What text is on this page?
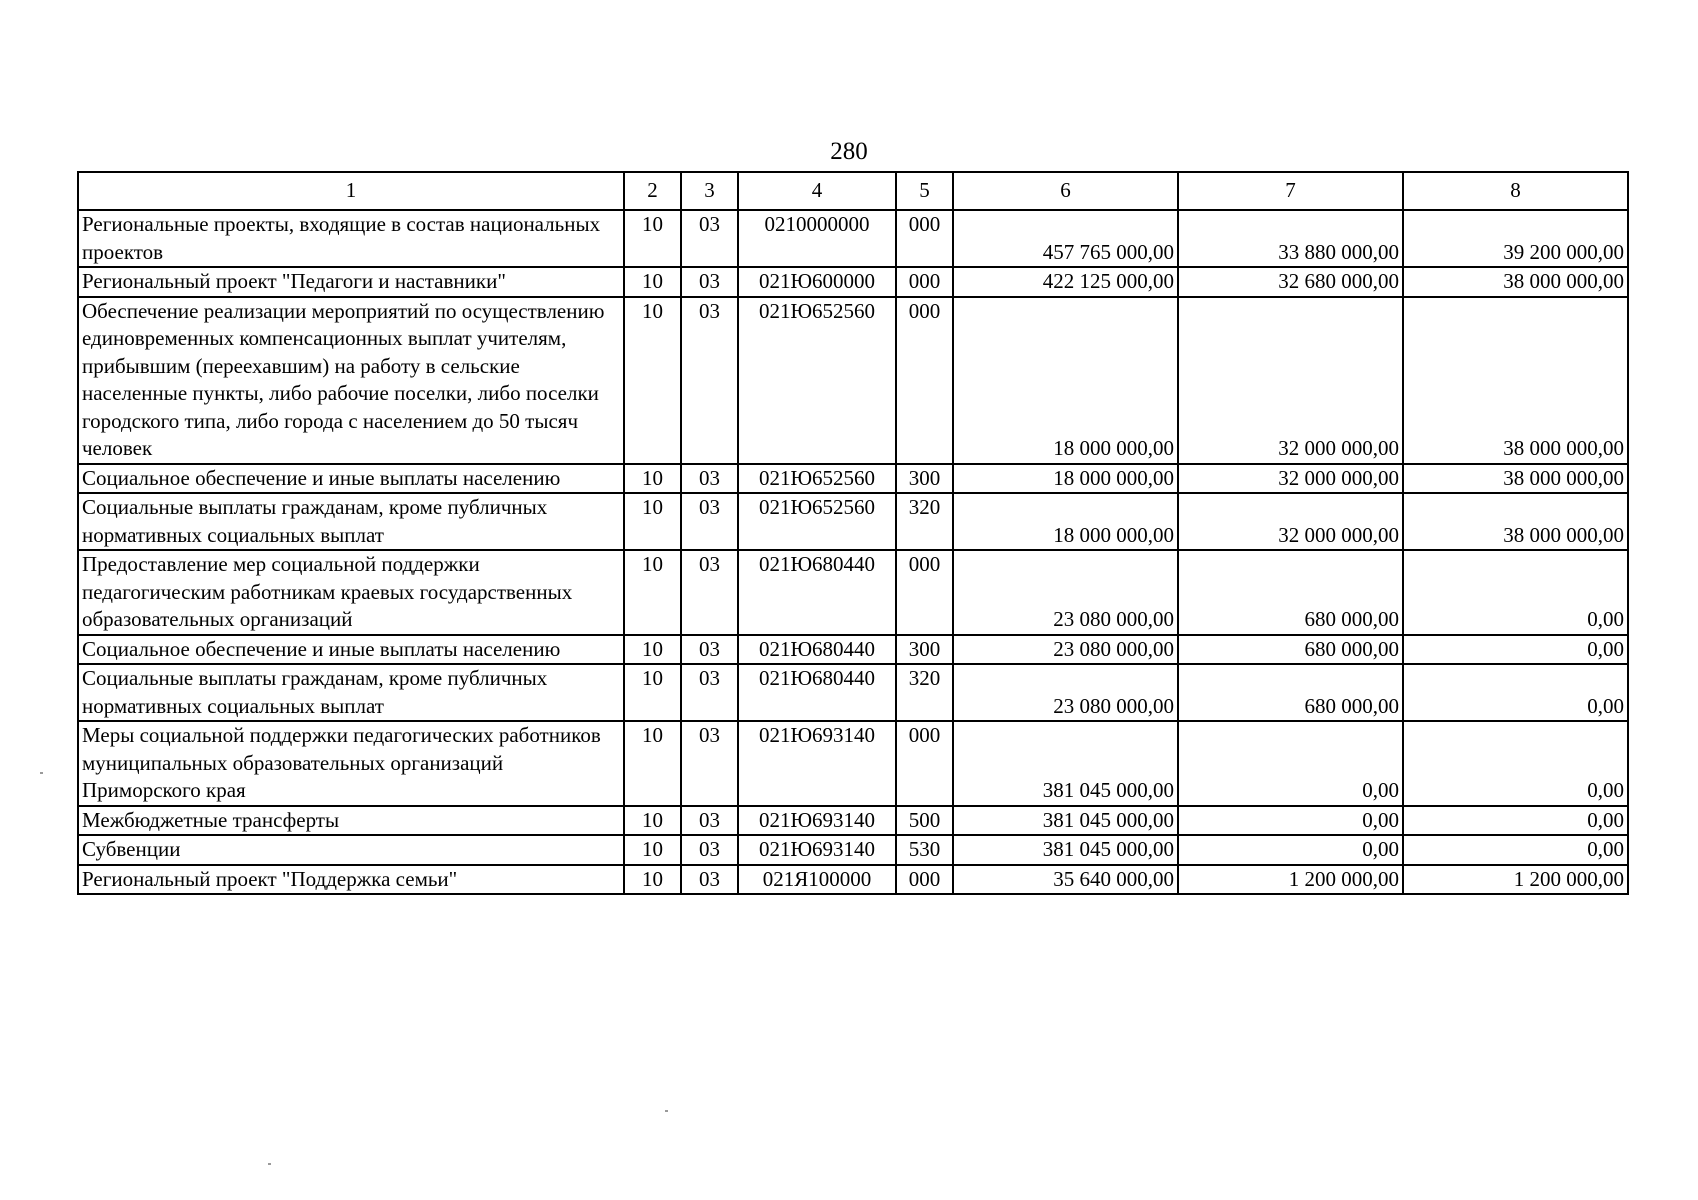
280
1	2	3	4	5	6	7	8
Региональные проекты, входящие в состав национальных проектов	10	03	0210000000	000	457 765 000,00	33 880 000,00	39 200 000,00
Региональный проект "Педагоги и наставники"	10	03	021Ю600000	000	422 125 000,00	32 680 000,00	38 000 000,00
Обеспечение реализации мероприятий по осуществлению единовременных компенсационных выплат учителям, прибывшим (переехавшим) на работу в сельские населенные пункты, либо рабочие поселки, либо поселки городского типа, либо города с населением до 50 тысяч человек	10	03	021Ю652560	000	18 000 000,00	32 000 000,00	38 000 000,00
Социальное обеспечение и иные выплаты населению	10	03	021Ю652560	300	18 000 000,00	32 000 000,00	38 000 000,00
Социальные выплаты гражданам, кроме публичных нормативных социальных выплат	10	03	021Ю652560	320	18 000 000,00	32 000 000,00	38 000 000,00
Предоставление мер социальной поддержки педагогическим работникам краевых государственных образовательных организаций	10	03	021Ю680440	000	23 080 000,00	680 000,00	0,00
Социальное обеспечение и иные выплаты населению	10	03	021Ю680440	300	23 080 000,00	680 000,00	0,00
Социальные выплаты гражданам, кроме публичных нормативных социальных выплат	10	03	021Ю680440	320	23 080 000,00	680 000,00	0,00
Меры социальной поддержки педагогических работников муниципальных образовательных организаций Приморского края	10	03	021Ю693140	000	381 045 000,00	0,00	0,00
Межбюджетные трансферты	10	03	021Ю693140	500	381 045 000,00	0,00	0,00
Субвенции	10	03	021Ю693140	530	381 045 000,00	0,00	0,00
Региональный проект "Поддержка семьи"	10	03	021Я100000	000	35 640 000,00	1 200 000,00	1 200 000,00
